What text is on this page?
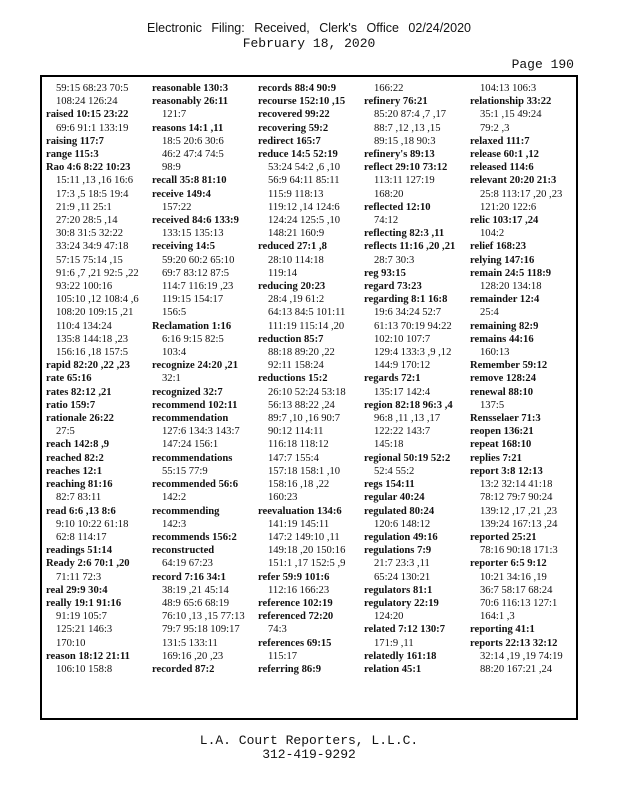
Electronic Filing: Received, Clerk's Office 02/24/2020
February 18, 2020
Page 190
59:15 68:23 70:5
108:24 126:24
raised 10:15 23:22
69:6 91:1 133:19
raising 117:7
range 115:3
Rao 4:6 8:22 10:23
15:11 ,13 ,16 16:6
17:3 ,5 18:5 19:4
21:9 ,11 25:1
27:20 28:5 ,14
30:8 31:5 32:22
33:24 34:9 47:18
57:15 75:14 ,15
91:6 ,7 ,21 92:5 ,22
93:22 100:16
105:10 ,12 108:4 ,6
108:20 109:15 ,21
110:4 134:24
135:8 144:18 ,23
156:16 ,18 157:5
rapid 82:20 ,22 ,23
rate 65:16
rates 82:12 ,21
ratio 159:7
rationale 26:22
27:5
reach 142:8 ,9
reached 82:2
reaches 12:1
reaching 81:16
82:7 83:11
read 6:6 ,13 8:6
9:10 10:22 61:18
62:8 114:17
readings 51:14
Ready 2:6 70:1 ,20
71:11 72:3
real 29:9 30:4
really 19:1 91:16
91:19 105:7
125:21 146:3
170:10
reason 18:12 21:11
106:10 158:8
reasonable 130:3
reasonably 26:11
121:7
reasons 14:1 ,11
18:5 20:6 30:6
46:2 47:4 74:5
98:9
recall 35:8 81:10
receive 149:4
157:22
received 84:6 133:9
133:15 135:13
receiving 14:5
59:20 60:2 65:10
69:7 83:12 87:5
114:7 116:19 ,23
119:15 154:17
156:5
Reclamation 1:16
6:16 9:15 82:5
103:4
recognize 24:20 ,21
32:1
recognized 32:7
recommend 102:11
recommendation
127:6 134:3 143:7
147:24 156:1
recommendations
55:15 77:9
recommended 56:6
142:2
recommending
142:3
recommends 156:2
reconstructed
64:19 67:23
record 7:16 34:1
38:19 ,21 45:14
48:9 65:6 68:19
76:10 ,13 ,15 77:13
79:7 95:18 109:17
131:5 133:11
169:16 ,20 ,23
recorded 87:2
records 88:4 90:9
recourse 152:10 ,15
recovered 99:22
recovering 59:2
redirect 165:7
reduce 14:5 52:19
53:24 54:2 ,6 ,10
56:9 64:11 85:11
115:9 118:13
119:12 ,14 124:6
124:24 125:5 ,10
148:21 160:9
reduced 27:1 ,8
28:10 114:18
119:14
reducing 20:23
28:4 ,19 61:2
64:13 84:5 101:11
111:19 115:14 ,20
reduction 85:7
88:18 89:20 ,22
92:11 158:24
reductions 15:2
26:10 52:24 53:18
56:13 88:22 ,24
89:7 ,10 ,16 90:7
90:12 114:11
116:18 118:12
147:7 155:4
157:18 158:1 ,10
158:16 ,18 ,22
160:23
reevaluation 134:6
141:19 145:11
147:2 149:10 ,11
149:18 ,20 150:16
151:1 ,17 152:5 ,9
refer 59:9 101:6
112:16 166:23
reference 102:19
referenced 72:20
74:3
references 69:15
115:17
referring 86:9
166:22
refinery 76:21
85:20 87:4 ,7 ,17
88:7 ,12 ,13 ,15
89:15 ,18 90:3
refinery's 89:13
reflect 29:10 73:12
113:11 127:19
168:20
reflected 12:10
74:12
reflecting 82:3 ,11
reflects 11:16 ,20 ,21
28:7 30:3
reg 93:15
regard 73:23
regarding 8:1 16:8
19:6 34:24 52:7
61:13 70:19 94:22
102:10 107:7
129:4 133:3 ,9 ,12
144:9 170:12
regards 72:1
135:17 142:4
region 82:18 96:3 ,4
96:8 ,11 ,13 ,17
122:22 143:7
145:18
regional 50:19 52:2
52:4 55:2
regs 154:11
regular 40:24
regulated 80:24
120:6 148:12
regulation 49:16
regulations 7:9
21:7 23:3 ,11
65:24 130:21
regulators 81:1
regulatory 22:19
124:20
related 7:12 130:7
171:9 ,11
relatedly 161:18
relation 45:1
104:13 106:3
relationship 33:22
35:1 ,15 49:24
79:2 ,3
relaxed 111:7
release 60:1 ,12
released 114:6
relevant 20:20 21:3
25:8 113:17 ,20 ,23
121:20 122:6
relic 103:17 ,24
104:2
relief 168:23
relying 147:16
remain 24:5 118:9
128:20 134:18
remainder 12:4
25:4
remaining 82:9
remains 44:16
160:13
Remember 59:12
remove 128:24
renewal 88:10
137:5
Rensselaer 71:3
reopen 136:21
repeat 168:10
replies 7:21
report 3:8 12:13
13:2 32:14 41:18
78:12 79:7 90:24
139:12 ,17 ,21 ,23
139:24 167:13 ,24
reported 25:21
78:16 90:18 171:3
reporter 6:5 9:12
10:21 34:16 ,19
36:7 58:17 68:24
70:6 116:13 127:1
164:1 ,3
reporting 41:1
reports 22:13 32:12
32:14 ,19 ,19 74:19
88:20 167:21 ,24
L.A. Court Reporters, L.L.C.
312-419-9292
